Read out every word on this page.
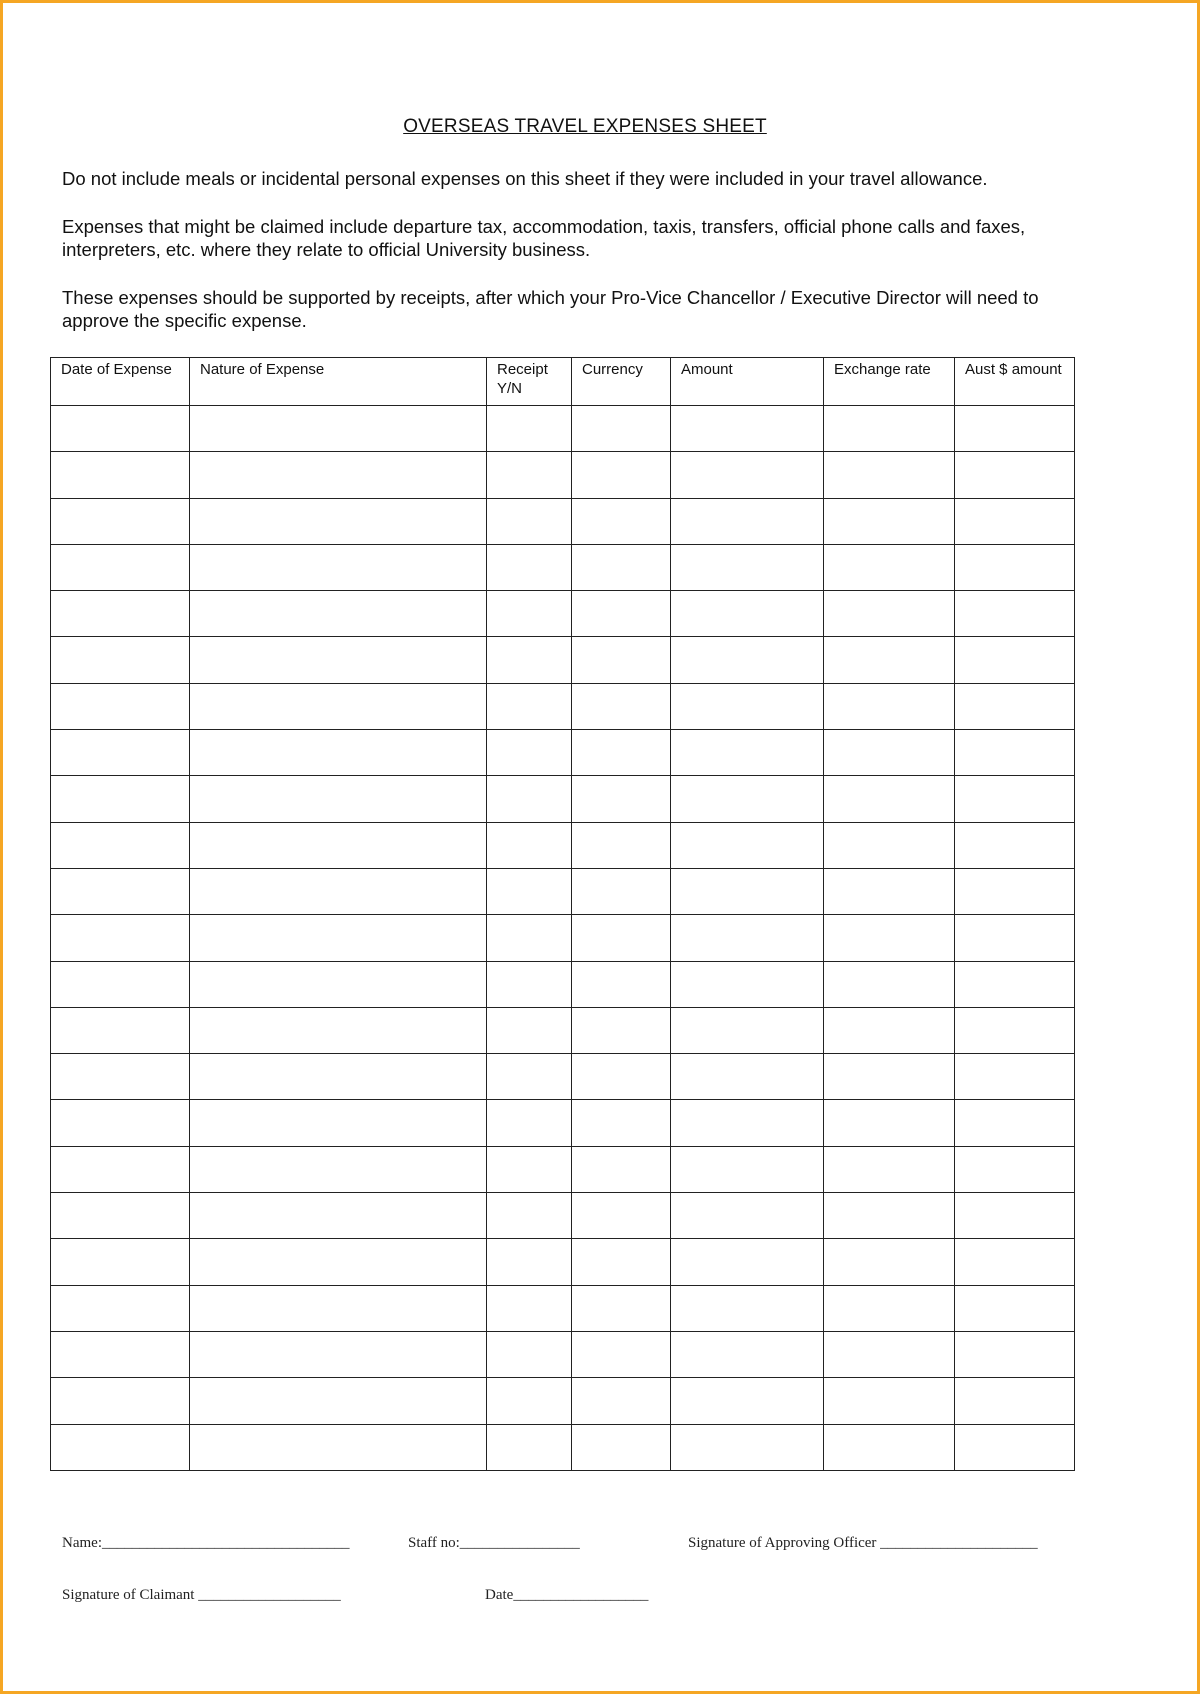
OVERSEAS TRAVEL EXPENSES SHEET

Do not include meals or incidental personal expenses on this sheet if they were included in your travel allowance.

Expenses that might be claimed include departure tax, accommodation, taxis, transfers, official phone calls and faxes, interpreters, etc. where they relate to official University business.

These expenses should be supported by receipts, after which your Pro-Vice Chancellor / Executive Director will need to approve the specific expense.

Date of Expense	Nature of Expense	Receipt Y/N	Currency	Amount	Exchange rate	Aust $ amount

Name:_________________________________	Staff no:________________	Signature of Approving Officer _____________________
Signature of Claimant ___________________	Date__________________
